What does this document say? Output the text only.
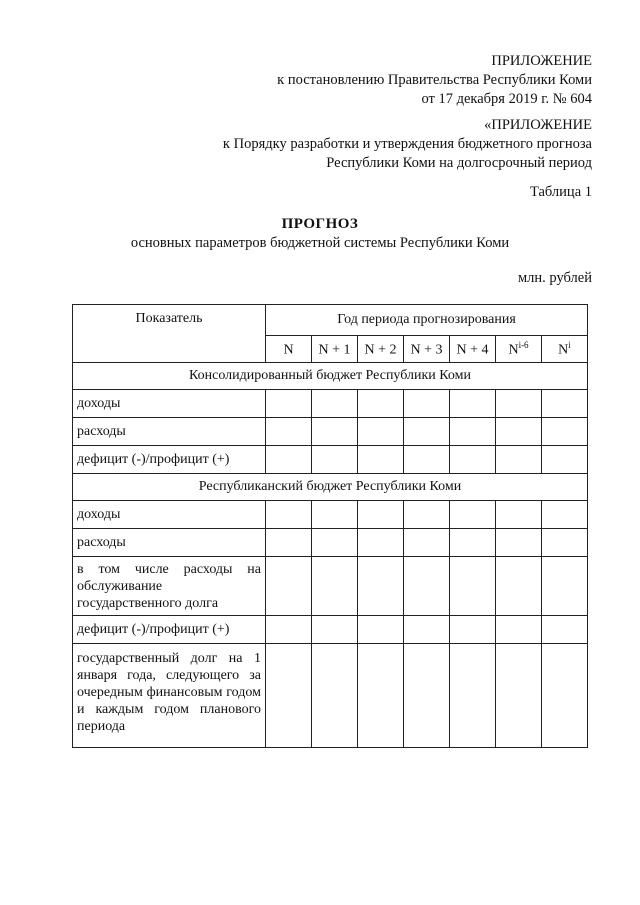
ПРИЛОЖЕНИЕ
к постановлению Правительства Республики Коми
от 17 декабря 2019 г. № 604
«ПРИЛОЖЕНИЕ
к Порядку разработки и утверждения бюджетного прогноза
Республики Коми на долгосрочный период
Таблица 1
ПРОГНОЗ
основных параметров бюджетной системы Республики Коми
млн. рублей
Показатель	Год периода прогнозирования						
	N	N + 1	N + 2	N + 3	N + 4	$N^{i-6}$	$N^i$
Консолидированный бюджет Республики Коми							
доходы							
расходы							
дефицит (-)/профицит (+)							
Республиканский бюджет Республики Коми							
доходы							
расходы							
в том числе расходы на обслуживание государственного долга							
дефицит (-)/профицит (+)							
государственный долг на 1 января года, следующего за очередным финансовым годом и каждым годом планового периода							
